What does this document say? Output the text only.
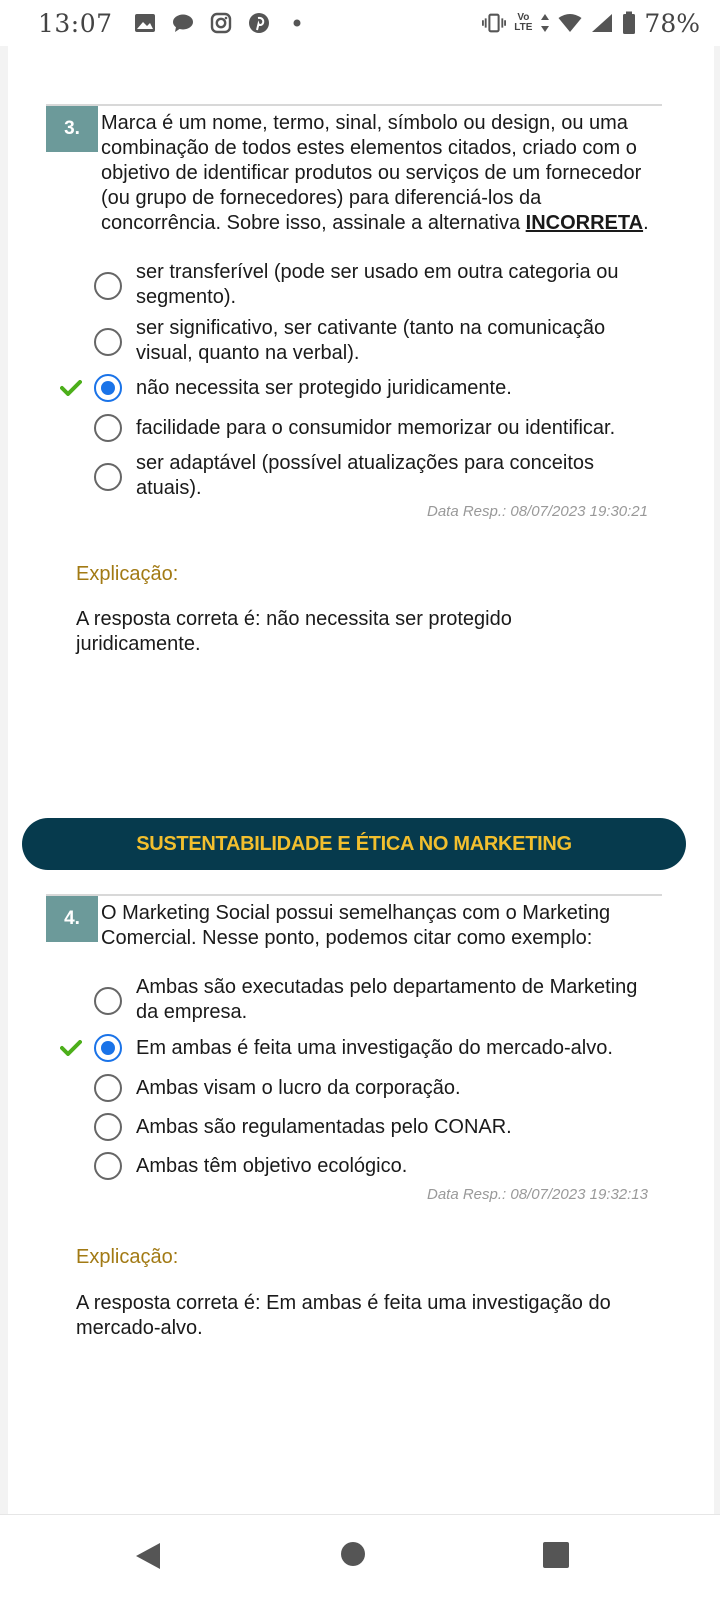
13:07	Vo
LTE	78%
3.	Marca é um nome, termo, sinal, símbolo ou design, ou uma combinação de todos estes elementos citados, criado com o objetivo de identificar produtos ou serviços de um fornecedor (ou grupo de fornecedores) para diferenciá-los da concorrência. Sobre isso, assinale a alternativa INCORRETA.
ser transferível (pode ser usado em outra categoria ou segmento).
ser significativo, ser cativante (tanto na comunicação visual, quanto na verbal).
não necessita ser protegido juridicamente.
facilidade para o consumidor memorizar ou identificar.
ser adaptável (possível atualizações para conceitos atuais).
Data Resp.: 08/07/2023 19:30:21
Explicação:
A resposta correta é: não necessita ser protegido juridicamente.
SUSTENTABILIDADE E ÉTICA NO MARKETING
4.	O Marketing Social possui semelhanças com o Marketing Comercial. Nesse ponto, podemos citar como exemplo:
Ambas são executadas pelo departamento de Marketing da empresa.
Em ambas é feita uma investigação do mercado-alvo.
Ambas visam o lucro da corporação.
Ambas são regulamentadas pelo CONAR.
Ambas têm objetivo ecológico.
Data Resp.: 08/07/2023 19:32:13
Explicação:
A resposta correta é: Em ambas é feita uma investigação do mercado-alvo.
